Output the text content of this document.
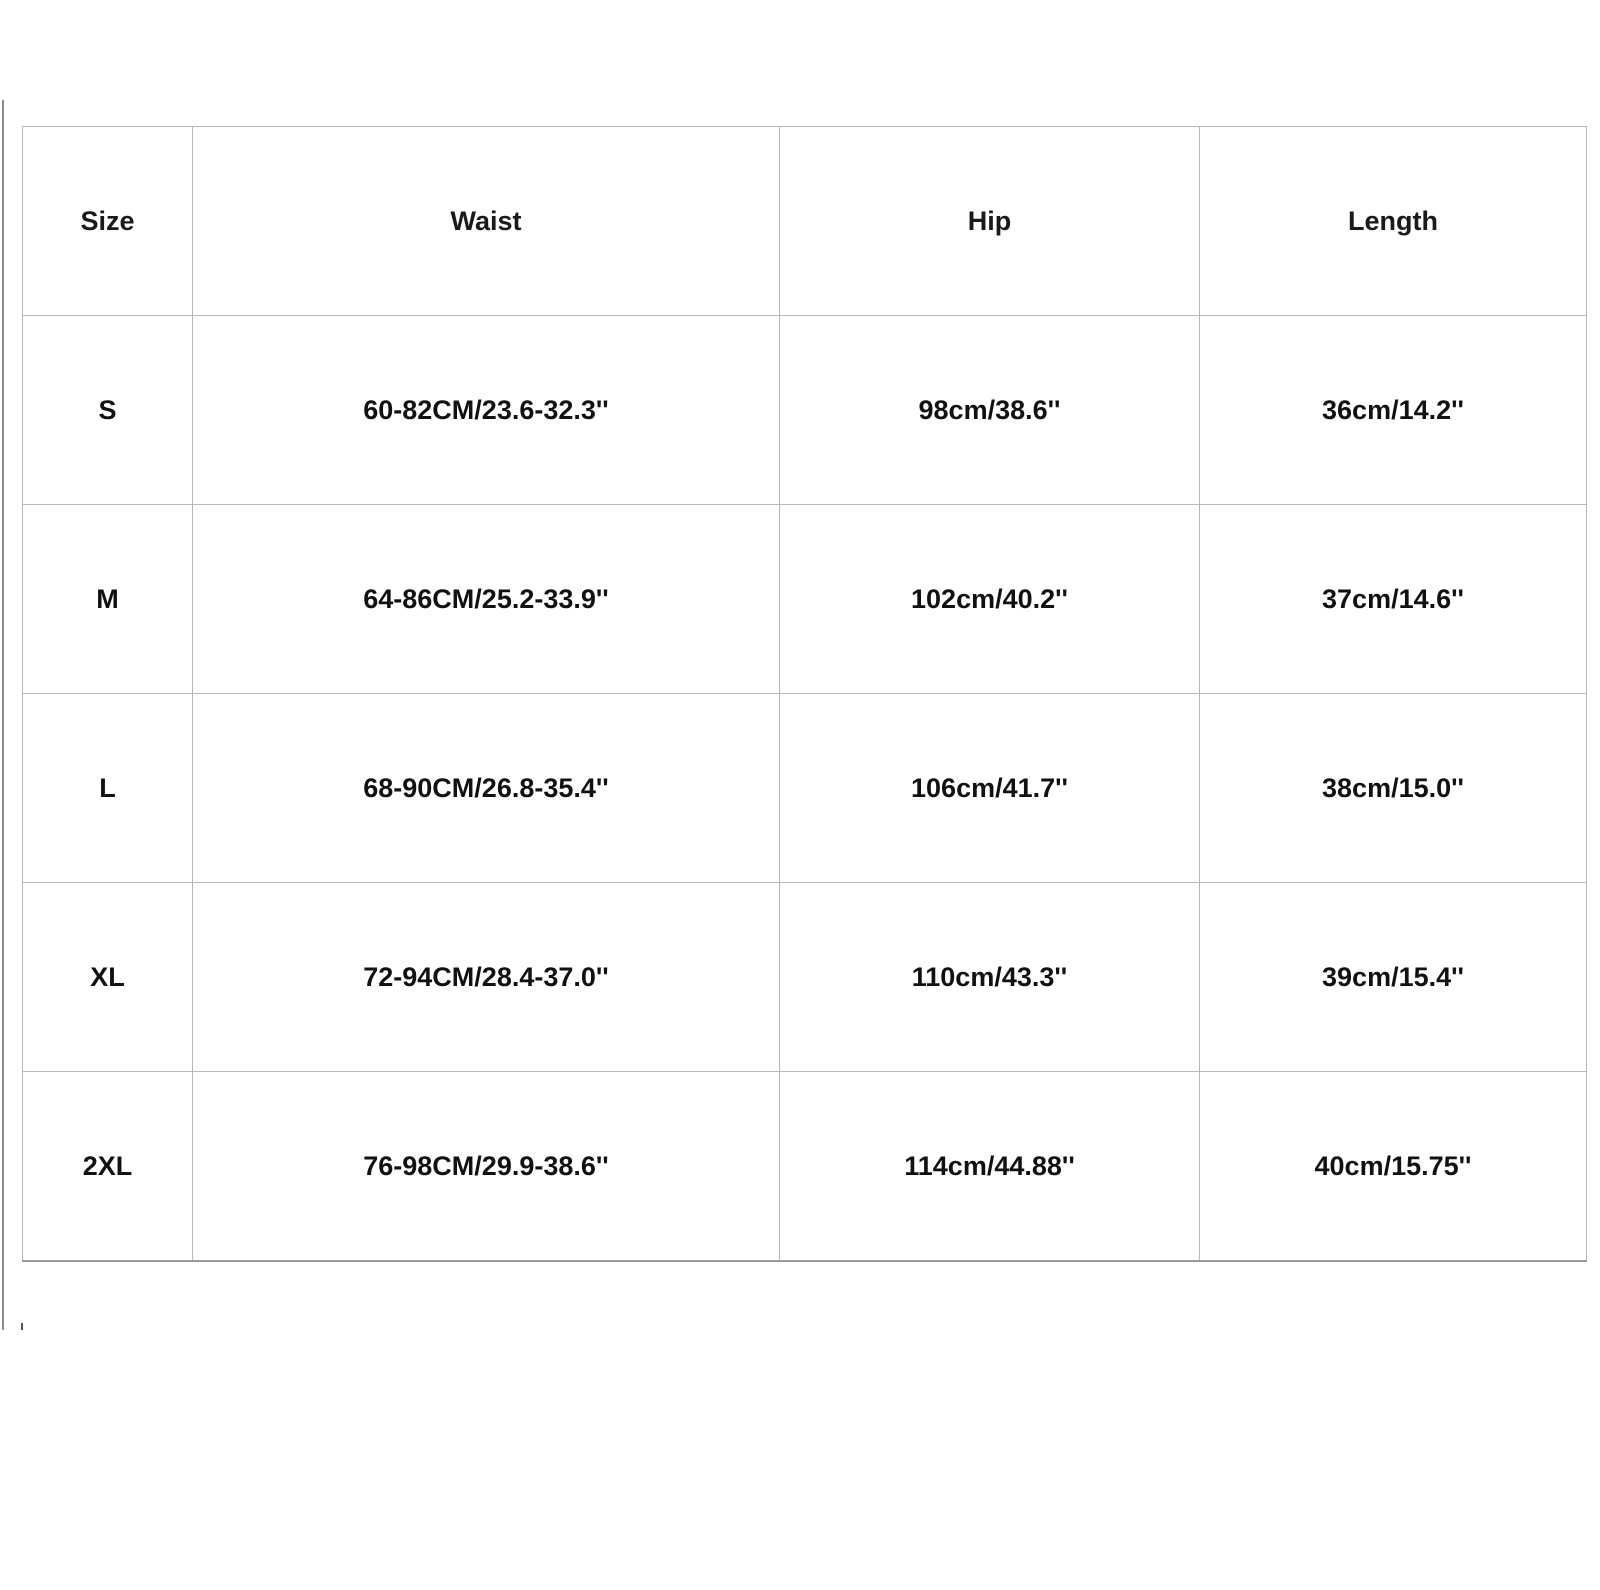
Size	Waist	Hip	Length
S	60-82CM/23.6-32.3''	98cm/38.6''	36cm/14.2''
M	64-86CM/25.2-33.9''	102cm/40.2''	37cm/14.6''
L	68-90CM/26.8-35.4''	106cm/41.7''	38cm/15.0''
XL	72-94CM/28.4-37.0''	110cm/43.3''	39cm/15.4''
2XL	76-98CM/29.9-38.6''	114cm/44.88''	40cm/15.75''
